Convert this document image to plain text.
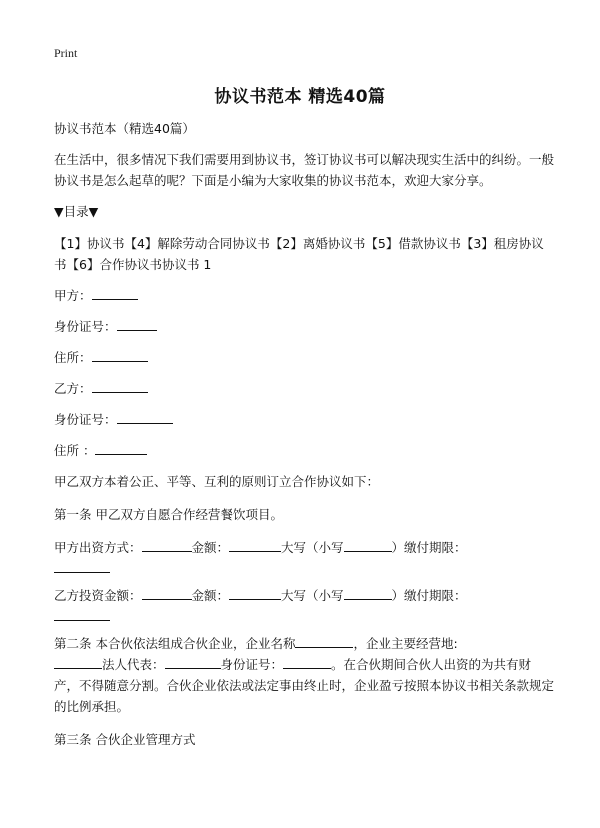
Print
协议书范本 精选40篇

协议书范本（精选40篇）

在生活中，很多情况下我们需要用到协议书，签订协议书可以解决现实生活中的纠纷。一般协议书是怎么起草的呢？下面是小编为大家收集的协议书范本，欢迎大家分享。

▼目录▼

【1】协议书【4】解除劳动合同协议书【2】离婚协议书【5】借款协议书【3】租房协议书【6】合作协议书协议书 1

甲方：

身份证号：

住所：

乙方：

身份证号：

住所 ：

甲乙双方本着公正、平等、互利的原则订立合作协议如下：

第一条 甲乙双方自愿合作经营餐饮项目。

甲方出资方式：	金额：	大写（小写	）缴付期限：

乙方投资金额：	金额：	大写（小写	）缴付期限：

第二条 本合伙依法组成合伙企业，企业名称	，企业主要经营地:
法人代表：	身份证号：	。在合伙期间合伙人出资的为共有财产，不得随意分割。合伙企业依法或法定事由终止时，企业盈亏按照本协议书相关条款规定的比例承担。

第三条 合伙企业管理方式
